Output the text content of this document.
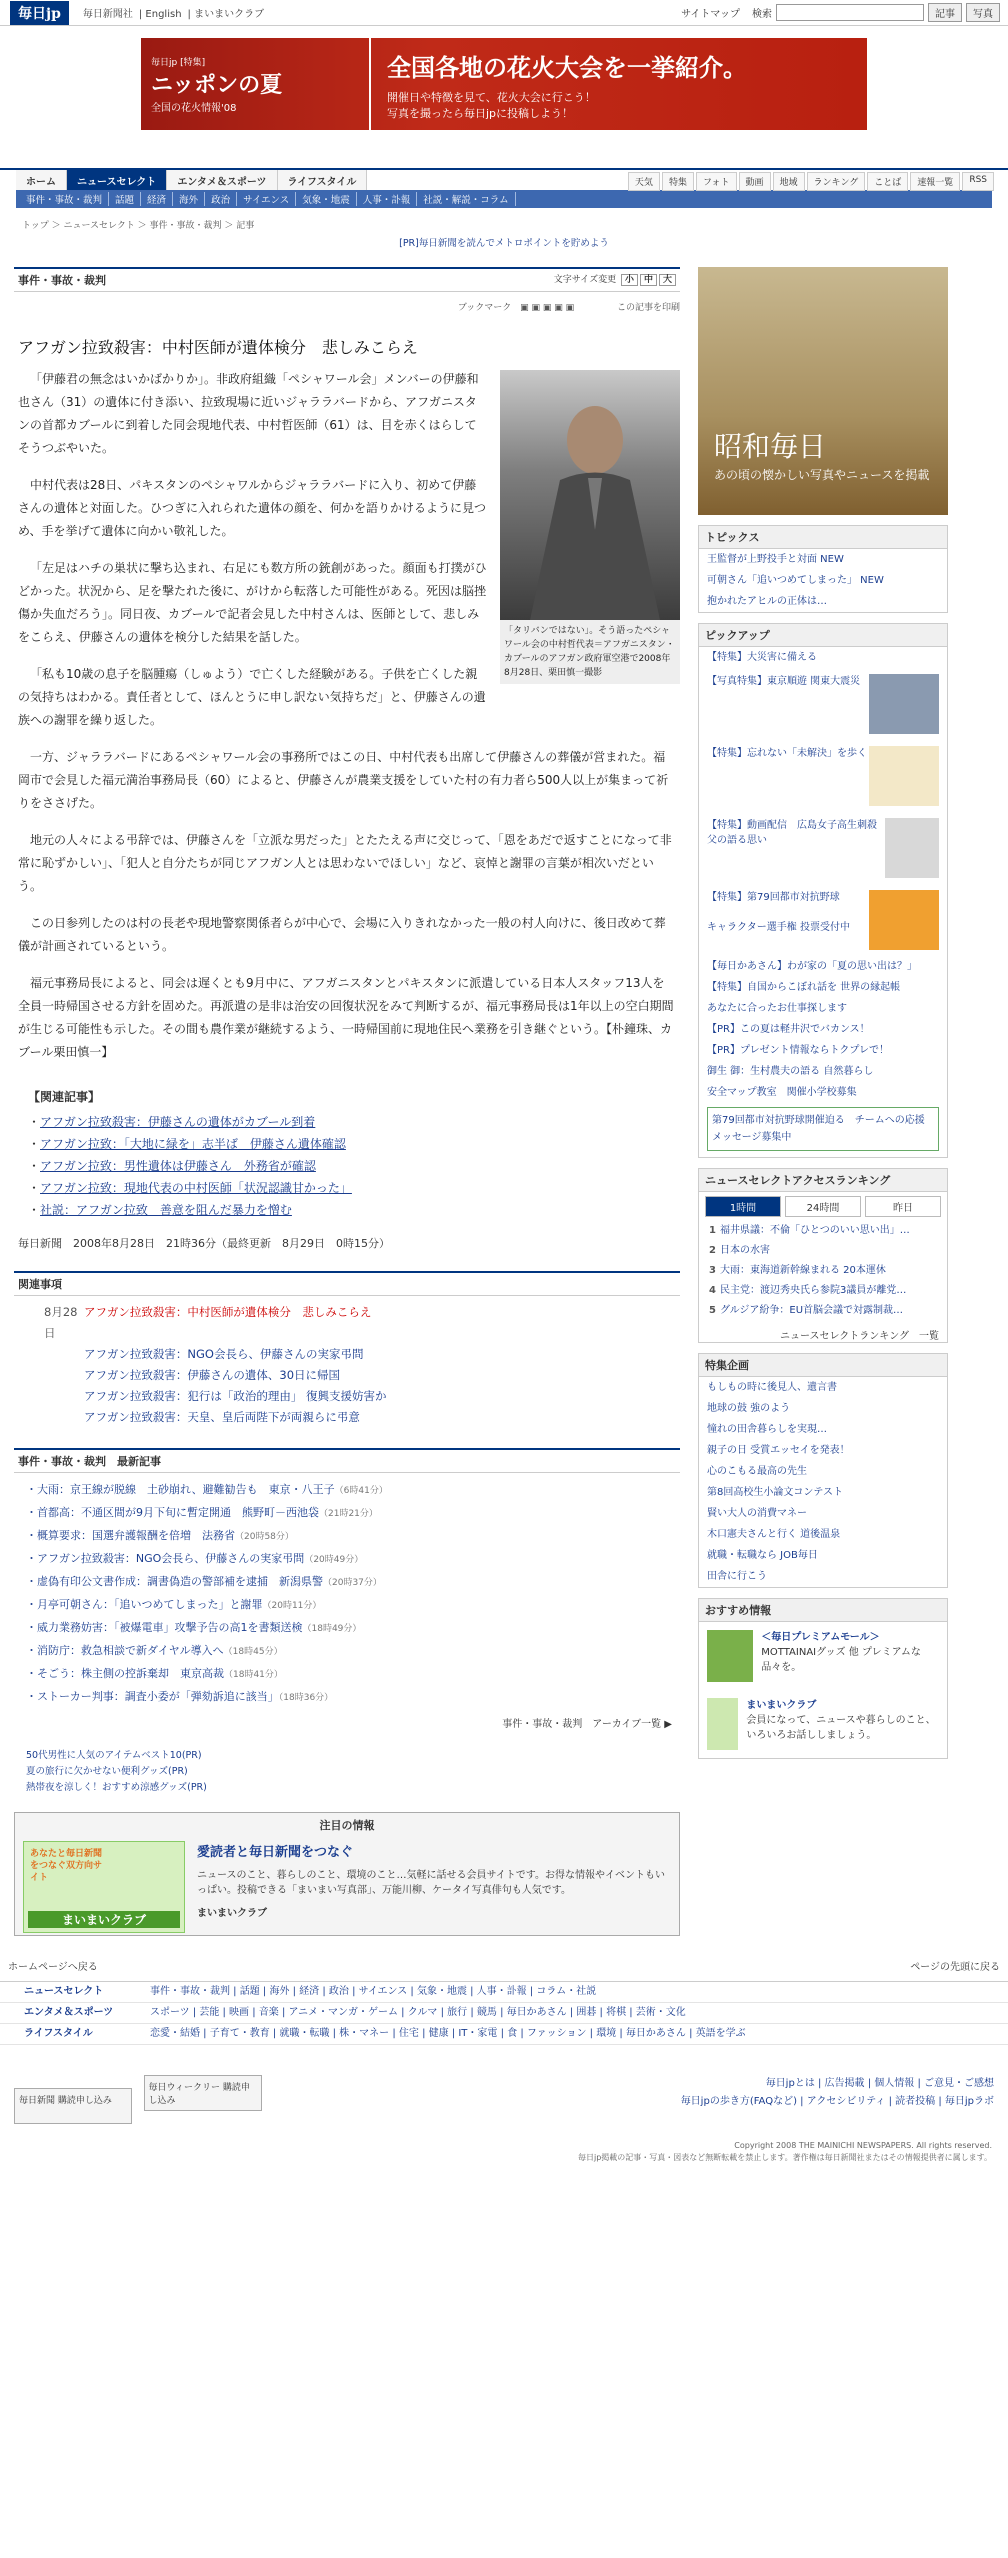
毎日jp	毎日新聞社 | English | まいまいクラブ	サイトマップ 検索	記事	写真
毎日jp [特集]
ニッポンの夏
全国の花火情報'08
全国各地の花火大会を一挙紹介。
開催日や特徴を見て、花火大会に行こう！
写真を撮ったら毎日jpに投稿しよう！
ホーム	ニュースセレクト	エンタメ＆スポーツ	ライフスタイル	天気	特集	フォト	動画	地域	ランキング	ことば	速報一覧	RSS
事件・事故・裁判	話題	経済	海外	政治	サイエンス	気象・地震	人事・訃報	社説・解説・コラム
トップ ＞ ニュースセレクト ＞ 事件・事故・裁判 ＞ 記事
[PR]毎日新聞を読んでメトロポイントを貯めよう
事件・事故・裁判	文字サイズ変更 小 中 大
ブックマーク ▣ ▣ ▣ ▣ ▣	この記事を印刷
アフガン拉致殺害：中村医師が遺体検分　悲しみこらえ
「タリバンではない」。そう語ったペシャワール会の中村哲代表＝アフガニスタン・カブールのアフガン政府軍空港で2008年8月28日、栗田慎一撮影

「伊藤君の無念はいかばかりか」。非政府組織「ペシャワール会」メンバーの伊藤和也さん（31）の遺体に付き添い、拉致現場に近いジャララバードから、アフガニスタンの首都カブールに到着した同会現地代表、中村哲医師（61）は、目を赤くはらしてそうつぶやいた。

中村代表は28日、パキスタンのペシャワルからジャララバードに入り、初めて伊藤さんの遺体と対面した。ひつぎに入れられた遺体の顔を、何かを語りかけるように見つめ、手を挙げて遺体に向かい敬礼した。

「左足はハチの巣状に撃ち込まれ、右足にも数方所の銃創があった。顔面も打撲がひどかった。状況から、足を撃たれた後に、がけから転落した可能性がある。死因は脳挫傷か失血だろう」。同日夜、カブールで記者会見した中村さんは、医師として、悲しみをこらえ、伊藤さんの遺体を検分した結果を話した。

「私も10歳の息子を脳腫瘍（しゅよう）で亡くした経験がある。子供を亡くした親の気持ちはわかる。責任者として、ほんとうに申し訳ない気持ちだ」と、伊藤さんの遺族への謝罪を繰り返した。

一方、ジャララバードにあるペシャワール会の事務所ではこの日、中村代表も出席して伊藤さんの葬儀が営まれた。福岡市で会見した福元満治事務局長（60）によると、伊藤さんが農業支援をしていた村の有力者ら500人以上が集まって祈りをささげた。

地元の人々による弔辞では、伊藤さんを「立派な男だった」とたたえる声に交じって、「恩をあだで返すことになって非常に恥ずかしい」、「犯人と自分たちが同じアフガン人とは思わないでほしい」など、哀悼と謝罪の言葉が相次いだという。

この日参列したのは村の長老や現地警察関係者らが中心で、会場に入りきれなかった一般の村人向けに、後日改めて葬儀が計画されているという。

福元事務局長によると、同会は遅くとも9月中に、アフガニスタンとパキスタンに派遣している日本人スタッフ13人を全員一時帰国させる方針を固めた。再派遣の是非は治安の回復状況をみて判断するが、福元事務局長は1年以上の空白期間が生じる可能性も示した。その間も農作業が継続するよう、一時帰国前に現地住民へ業務を引き継ぐという。【朴鐘珠、カブール栗田慎一】

【関連記事】
・アフガン拉致殺害：伊藤さんの遺体がカブール到着
・アフガン拉致：「大地に緑を」志半ば　伊藤さん遺体確認
・アフガン拉致：男性遺体は伊藤さん　外務省が確認
・アフガン拉致：現地代表の中村医師「状況認識甘かった」
・社説：アフガン拉致　善意を阻んだ暴力を憎む
毎日新聞　2008年8月28日　21時36分（最終更新　8月29日　0時15分）
関連事項
8月28日
アフガン拉致殺害：中村医師が遺体検分　悲しみこらえ
アフガン拉致殺害：NGO会長ら、伊藤さんの実家弔問
アフガン拉致殺害：伊藤さんの遺体、30日に帰国
アフガン拉致殺害：犯行は「政治的理由」 復興支援妨害か
アフガン拉致殺害：天皇、皇后両陛下が両親らに弔意
事件・事故・裁判　最新記事
・大雨：京王線が脱線　土砂崩れ、避難勧告も　東京・八王子（6時41分）
・首都高：不通区間が9月下旬に暫定開通　熊野町－西池袋（21時21分）
・概算要求：国選弁護報酬を倍増　法務省（20時58分）
・アフガン拉致殺害：NGO会長ら、伊藤さんの実家弔問（20時49分）
・虚偽有印公文書作成：調書偽造の警部補を逮捕　新潟県警（20時37分）
・月亭可朝さん：「追いつめてしまった」と謝罪（20時11分）
・威力業務妨害：「被爆電車」攻撃予告の高1を書類送検（18時49分）
・消防庁：救急相談で新ダイヤル導入へ（18時45分）
・そごう：株主側の控訴棄却　東京高裁（18時41分）
・ストーカー判事：調査小委が「弾劾訴追に該当」（18時36分）
事件・事故・裁判　アーカイブ一覧 ▶
50代男性に人気のアイテムベスト10(PR)
夏の旅行に欠かせない便利グッズ(PR)
熱帯夜を涼しく！おすすめ涼感グッズ(PR)
注目の情報
あなたと毎日新聞をつなぐ双方向サイト
まいまいクラブ
愛読者と毎日新聞をつなぐ
ニュースのこと、暮らしのこと、環境のこと…気軽に話せる会員サイトです。お得な情報やイベントもいっぱい。投稿できる「まいまい写真部」、万能川柳、ケータイ写真俳句も人気です。
まいまいクラブ
昭和毎日
あの頃の懐かしい写真やニュースを掲載
トピックス
王監督が上野投手と対面 NEW
可朝さん「追いつめてしまった」 NEW
抱かれたアヒルの正体は…
ピックアップ
【特集】大災害に備える
【写真特集】東京順遊 関東大震災
【特集】忘れない「未解決」を歩く
【特集】動画配信　広島女子高生刺殺 父の語る思い
【特集】第79回都市対抗野球

キャラクター選手権 投票受付中
【毎日かあさん】わが家の「夏の思い出は？」
【特集】自国からこぼれ話を 世界の縁起帳
あなたに合ったお仕事探します
【PR】この夏は軽井沢でバカンス！
【PR】プレゼント情報ならトクプレで！
御生 御：生村農夫の語る 自然暮らし
安全マップ教室　関催小学校募集
第79回都市対抗野球開催迫る　チームへの応援メッセージ募集中
ニュースセレクトアクセスランキング
1時間	24時間	昨日
1 福井県議：不倫「ひとつのいい思い出」…
2 日本の水害
3 大雨：東海道新幹線まれる 20本運休
4 民主党：渡辺秀央氏ら参院3議員が離党…
5 グルジア紛争：EU首脳会議で対露制裁…
ニュースセレクトランキング　一覧
特集企画
もしもの時に後見人、遺言書
地球の鼓 強のよう
憧れの田舎暮らしを実現…
親子の日 受賞エッセイを発表！
心のこもる最高の先生
第8回高校生小論文コンテスト
賢い大人の消費マネー
木口憲夫さんと行く 道後温泉
就職・転職なら JOB毎日
田舎に行こう
おすすめ情報
＜毎日プレミアムモール＞
MOTTAINAIグッズ 他 プレミアムな品々を。
まいまいクラブ
会員になって、ニュースや暮らしのこと、いろいろお話ししましょう。
ホームページへ戻る	ページの先頭に戻る
ニュースセレクト	事件・事故・裁判 | 話題 | 海外 | 経済 | 政治 | サイエンス | 気象・地震 | 人事・訃報 | コラム・社説
エンタメ＆スポーツ	スポーツ | 芸能 | 映画 | 音楽 | アニメ・マンガ・ゲーム | クルマ | 旅行 | 競馬 | 毎日かあさん | 囲碁 | 将棋 | 芸術・文化
ライフスタイル	恋愛・結婚 | 子育て・教育 | 就職・転職 | 株・マネー | 住宅 | 健康 | IT・家電 | 食 | ファッション | 環境 | 毎日かあさん | 英語を学ぶ
毎日新聞 購読申し込み 毎日ウィークリー 購読申し込み
毎日jpとは | 広告掲載 | 個人情報 | ご意見・ご感想
毎日jpの歩き方(FAQなど) | アクセシビリティ | 読者投稿 | 毎日jpラボ
Copyright 2008 THE MAINICHI NEWSPAPERS. All rights reserved.
毎日jp掲載の記事・写真・図表など無断転載を禁止します。著作権は毎日新聞社またはその情報提供者に属します。
